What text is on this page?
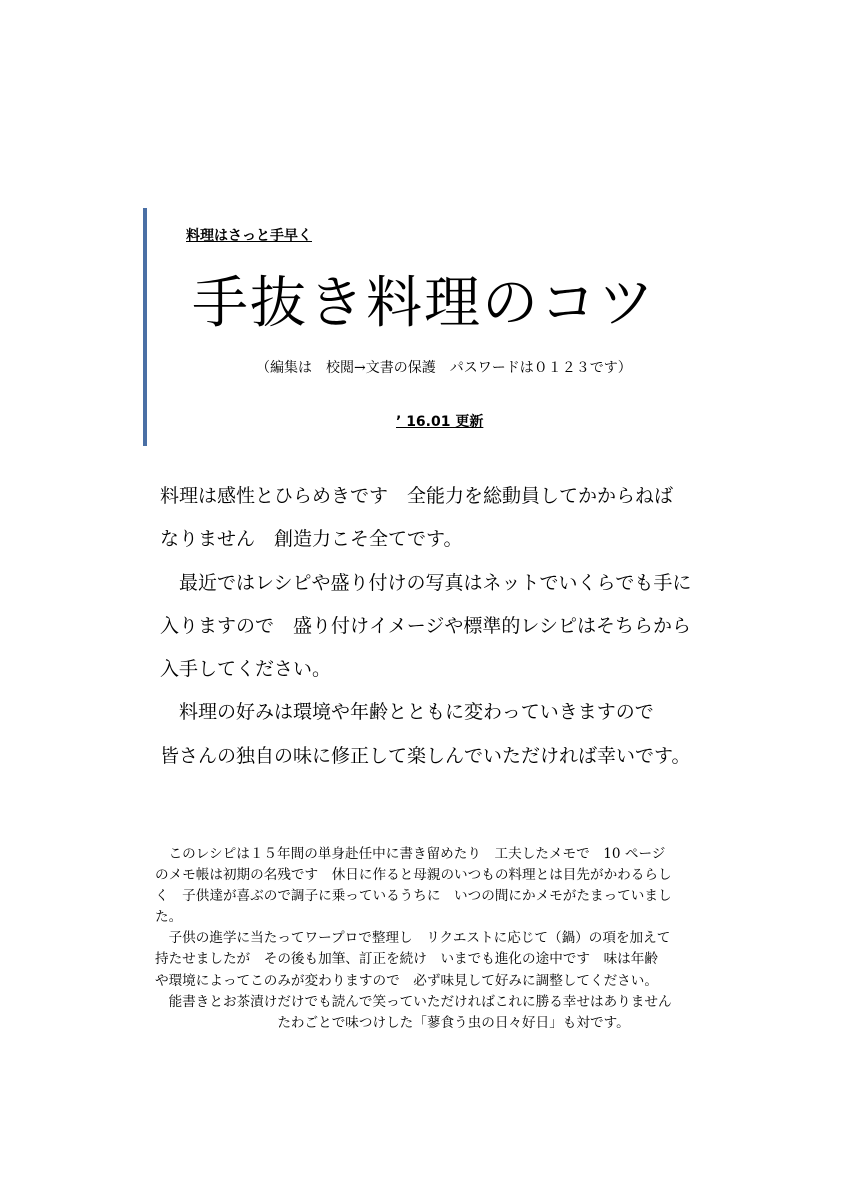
料理はさっと手早く
手抜き料理のコツ
（編集は　校閲→文書の保護　パスワードは０１２３です）
’ 16.01 更新
料理は感性とひらめきです　全能力を総動員してかからねば
なりません　創造力こそ全てです。
　最近ではレシピや盛り付けの写真はネットでいくらでも手に
入りますので　盛り付けイメージや標準的レシピはそちらから
入手してください。
　料理の好みは環境や年齢とともに変わっていきますので
皆さんの独自の味に修正して楽しんでいただければ幸いです。
　このレシピは１５年間の単身赴任中に書き留めたり　工夫したメモで　10 ページ
のメモ帳は初期の名残です　休日に作ると母親のいつもの料理とは目先がかわるらし
く　子供達が喜ぶので調子に乗っているうちに　いつの間にかメモがたまっていまし
た。
　子供の進学に当たってワープロで整理し　リクエストに応じて（鍋）の項を加えて
持たせましたが　その後も加筆、訂正を続け　いまでも進化の途中です　味は年齢
や環境によってこのみが変わりますので　必ず味見して好みに調整してください。
　能書きとお茶漬けだけでも読んで笑っていただければこれに勝る幸せはありません
　　　　　　　　　たわごとで味つけした「蓼食う虫の日々好日」も対です。
